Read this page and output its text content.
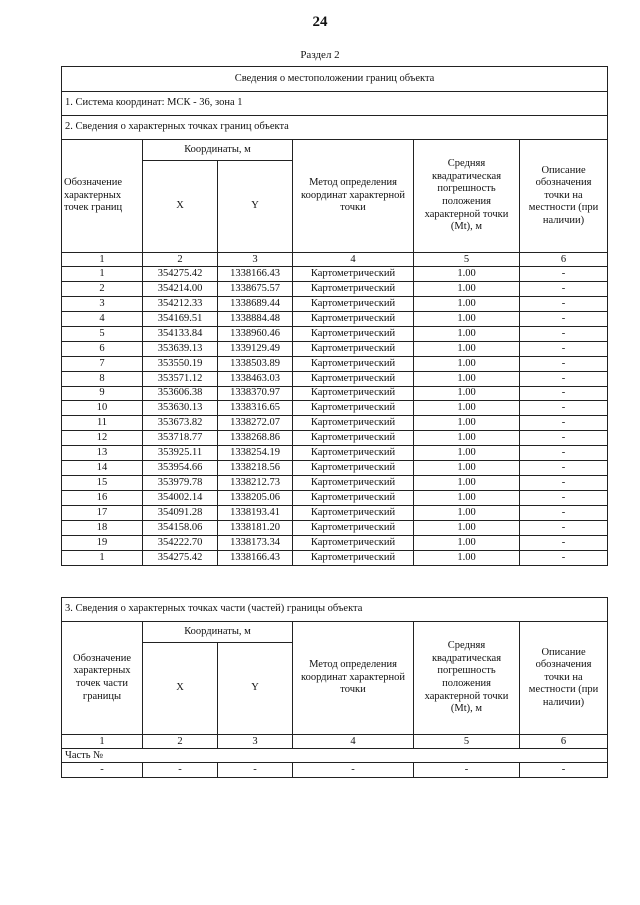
24
Раздел 2
Сведения о местоположении границ объекта					
1. Система координат: МСК - 36, зона 1					
2. Сведения о характерных точках границ объекта					
Обозначение характерных точек границ	Координаты, м		Метод определения координат характерной точки	Средняя квадратическая погрешность положения характерной точки (Mt), м	Описание обозначения точки на местности (при наличии)
	X	Y			
1	2	3	4	5	6
1	354275.42	1338166.43	Картометрический	1.00	-
2	354214.00	1338675.57	Картометрический	1.00	-
3	354212.33	1338689.44	Картометрический	1.00	-
4	354169.51	1338884.48	Картометрический	1.00	-
5	354133.84	1338960.46	Картометрический	1.00	-
6	353639.13	1339129.49	Картометрический	1.00	-
7	353550.19	1338503.89	Картометрический	1.00	-
8	353571.12	1338463.03	Картометрический	1.00	-
9	353606.38	1338370.97	Картометрический	1.00	-
10	353630.13	1338316.65	Картометрический	1.00	-
11	353673.82	1338272.07	Картометрический	1.00	-
12	353718.77	1338268.86	Картометрический	1.00	-
13	353925.11	1338254.19	Картометрический	1.00	-
14	353954.66	1338218.56	Картометрический	1.00	-
15	353979.78	1338212.73	Картометрический	1.00	-
16	354002.14	1338205.06	Картометрический	1.00	-
17	354091.28	1338193.41	Картометрический	1.00	-
18	354158.06	1338181.20	Картометрический	1.00	-
19	354222.70	1338173.34	Картометрический	1.00	-
1	354275.42	1338166.43	Картометрический	1.00	-
3. Сведения о характерных точках части (частей) границы объекта					
Обозначение характерных точек части границы	Координаты, м		Метод определения координат характерной точки	Средняя квадратическая погрешность положения характерной точки (Mt), м	Описание обозначения точки на местности (при наличии)
	X	Y			
1	2	3	4	5	6
Часть №					
-	-	-	-	-	-
